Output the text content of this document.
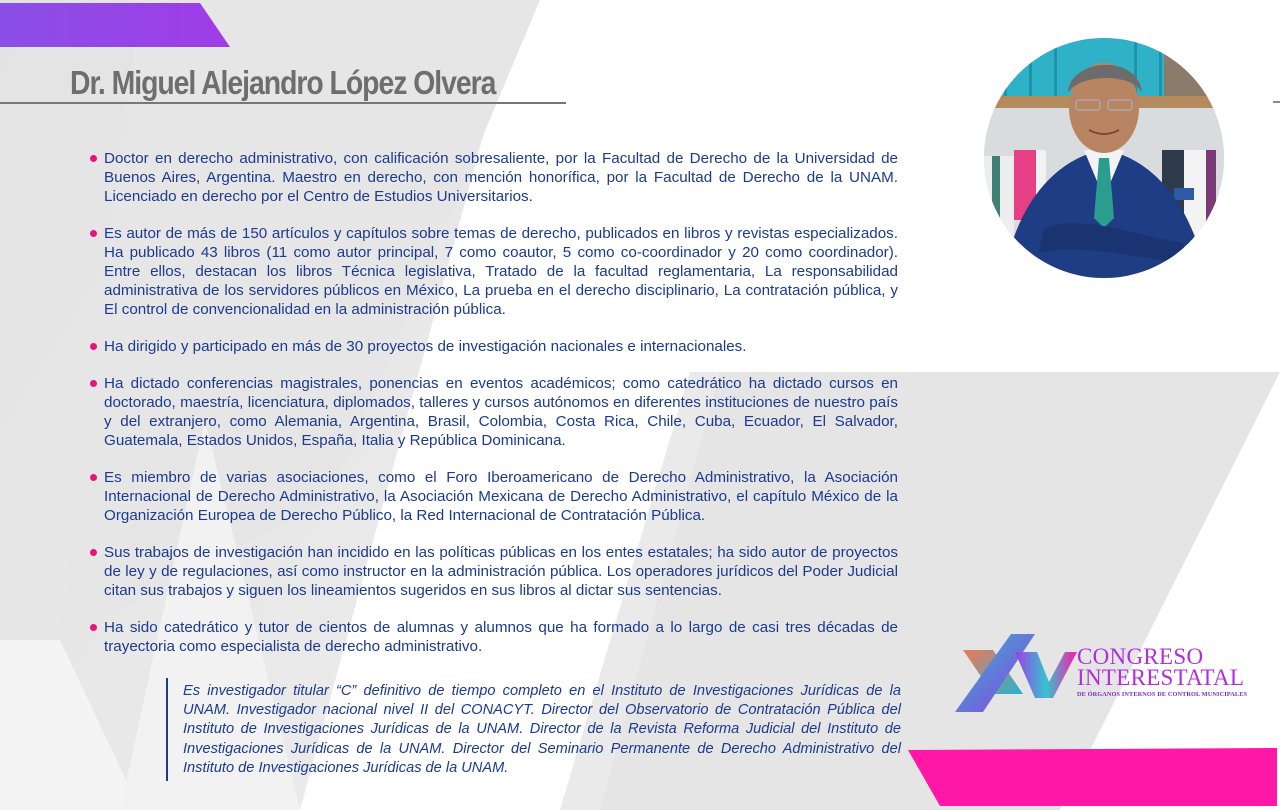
Dr. Miguel Alejandro López Olvera
Doctor en derecho administrativo, con calificación sobresaliente, por la Facultad de Derecho de la Universidad de Buenos Aires, Argentina. Maestro en derecho, con mención honorífica, por la Facultad de Derecho de la UNAM. Licenciado en derecho por el Centro de Estudios Universitarios.
Es autor de más de 150 artículos y capítulos sobre temas de derecho, publicados en libros y revistas especializados. Ha publicado 43 libros (11 como autor principal, 7 como coautor, 5 como co-coordinador y 20 como coordinador). Entre ellos, destacan los libros Técnica legislativa, Tratado de la facultad reglamentaria, La responsabilidad administrativa de los servidores públicos en México, La prueba en el derecho disciplinario, La contratación pública, y El control de convencionalidad en la administración pública.
Ha dirigido y participado en más de 30 proyectos de investigación nacionales e internacionales.
Ha dictado conferencias magistrales, ponencias en eventos académicos; como catedrático ha dictado cursos en doctorado, maestría, licenciatura, diplomados, talleres y cursos autónomos en diferentes instituciones de nuestro país y del extranjero, como Alemania, Argentina, Brasil, Colombia, Costa Rica, Chile, Cuba, Ecuador, El Salvador, Guatemala, Estados Unidos, España, Italia y República Dominicana.
Es miembro de varias asociaciones, como el Foro Iberoamericano de Derecho Administrativo, la Asociación Internacional de Derecho Administrativo, la Asociación Mexicana de Derecho Administrativo, el capítulo México de la Organización Europea de Derecho Público, la Red Internacional de Contratación Pública.
Sus trabajos de investigación han incidido en las políticas públicas en los entes estatales; ha sido autor de proyectos de ley y de regulaciones, así como instructor en la administración pública. Los operadores jurídicos del Poder Judicial citan sus trabajos y siguen los lineamientos sugeridos en sus libros al dictar sus sentencias.
Ha sido catedrático y tutor de cientos de alumnas y alumnos que ha formado a lo largo de casi tres décadas de trayectoria como especialista de derecho administrativo.
Es investigador titular “C” definitivo de tiempo completo en el Instituto de Investigaciones Jurídicas de la UNAM. Investigador nacional nivel II del CONACYT. Director del Observatorio de Contratación Pública del Instituto de Investigaciones Jurídicas de la UNAM. Director de la Revista Reforma Judicial del Instituto de Investigaciones Jurídicas de la UNAM. Director del Seminario Permanente de Derecho Administrativo del Instituto de Investigaciones Jurídicas de la UNAM.
CONGRESO
INTERESTATAL
DE ÓRGANOS INTERNOS DE CONTROL MUNICIPALES
